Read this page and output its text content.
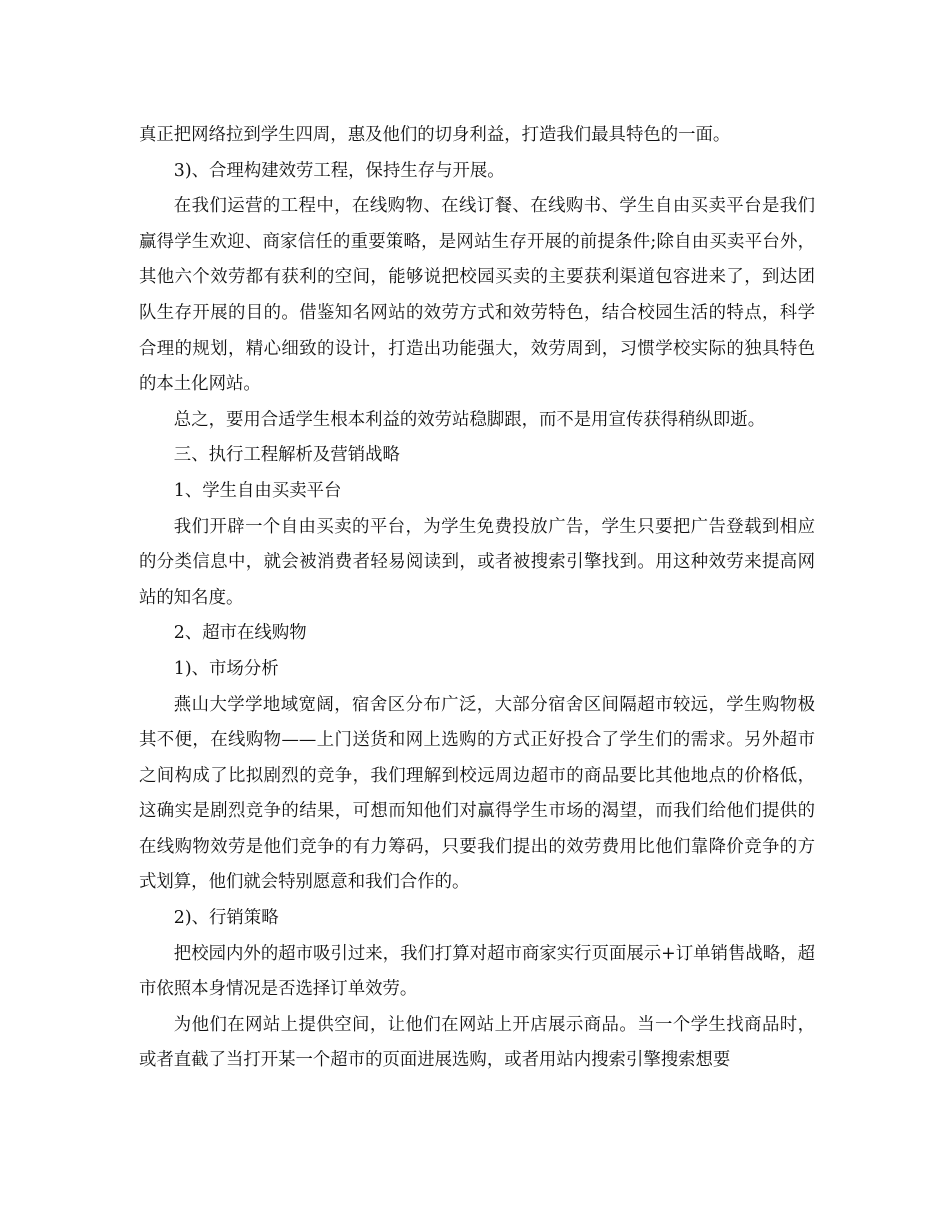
真正把网络拉到学生四周，惠及他们的切身利益，打造我们最具特色的一面。

3)、合理构建效劳工程，保持生存与开展。

在我们运营的工程中，在线购物、在线订餐、在线购书、学生自由买卖平台是我们赢得学生欢迎、商家信任的重要策略，是网站生存开展的前提条件;除自由买卖平台外，其他六个效劳都有获利的空间，能够说把校园买卖的主要获利渠道包容进来了，到达团队生存开展的目的。借鉴知名网站的效劳方式和效劳特色，结合校园生活的特点，科学合理的规划，精心细致的设计，打造出功能强大，效劳周到，习惯学校实际的独具特色的本土化网站。

总之，要用合适学生根本利益的效劳站稳脚跟，而不是用宣传获得稍纵即逝。

三、执行工程解析及营销战略

1、学生自由买卖平台

我们开辟一个自由买卖的平台，为学生免费投放广告，学生只要把广告登载到相应的分类信息中，就会被消费者轻易阅读到，或者被搜索引擎找到。用这种效劳来提高网站的知名度。

2、超市在线购物

1)、市场分析

燕山大学学地域宽阔，宿舍区分布广泛，大部分宿舍区间隔超市较远，学生购物极其不便，在线购物——上门送货和网上选购的方式正好投合了学生们的需求。另外超市之间构成了比拟剧烈的竞争，我们理解到校远周边超市的商品要比其他地点的价格低，这确实是剧烈竞争的结果，可想而知他们对赢得学生市场的渴望，而我们给他们提供的在线购物效劳是他们竞争的有力筹码，只要我们提出的效劳费用比他们靠降价竞争的方式划算，他们就会特别愿意和我们合作的。

2)、行销策略

把校园内外的超市吸引过来，我们打算对超市商家实行页面展示+订单销售战略，超市依照本身情况是否选择订单效劳。

为他们在网站上提供空间，让他们在网站上开店展示商品。当一个学生找商品时，或者直截了当打开某一个超市的页面进展选购，或者用站内搜索引擎搜索想要
